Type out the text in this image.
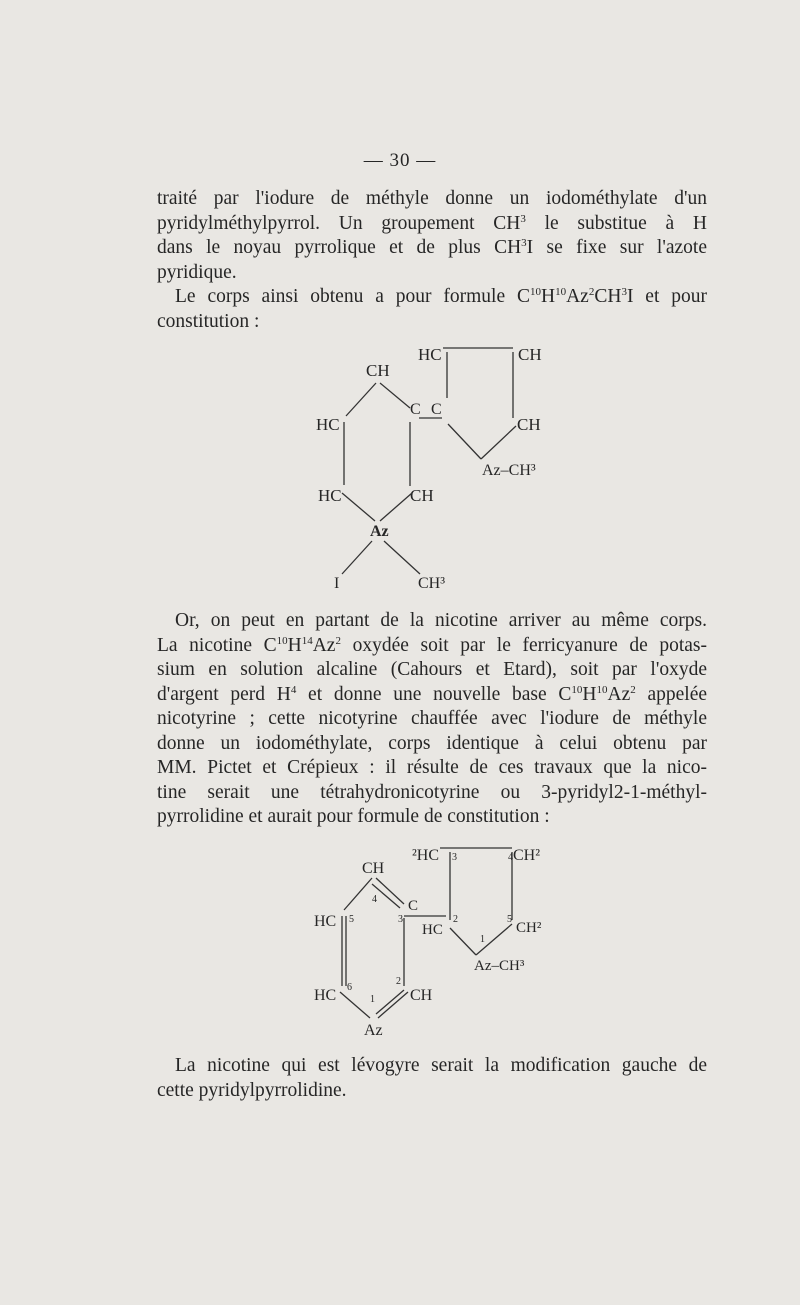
— 30 —
traité par l'iodure de méthyle donne un iodométhylate d'un
pyridylméthylpyrrol. Un groupement $CH^3$ le substitue à H
dans le noyau pyrrolique et de plus $CH^3I$ se fixe sur l'azote
pyridique.
Le corps ainsi obtenu a pour formule $C^{10}H^{10}Az^2CH^3I$ et pour
constitution :
HC	CH
CH
C C
HC	CH
Az–CH³
HC	CH
Az
I	CH³
Or, on peut en partant de la nicotine arriver au même corps.
La nicotine $C^{10}H^{14}Az^2$ oxydée soit par le ferricyanure de potas-
sium en solution alcaline (Cahours et Etard), soit par l'oxyde
d'argent perd $H^4$ et donne une nouvelle base $C^{10}H^{10}Az^2$ appelée
nicotyrine ; cette nicotyrine chauffée avec l'iodure de méthyle
donne un iodométhylate, corps identique à celui obtenu par
MM. Pictet et Crépieux : il résulte de ces travaux que la nico-
tine serait une tétrahydronicotyrine ou 3-pyridyl2-1-méthyl-
pyrrolidine et aurait pour formule de constitution :
²HC	CH²
CH
C
HC	HC	CH²
Az–CH³
HC	CH
Az
3	4
4
5	3	2	5
1
6
2
1
La nicotine qui est lévogyre serait la modification gauche de
cette pyridylpyrrolidine.
